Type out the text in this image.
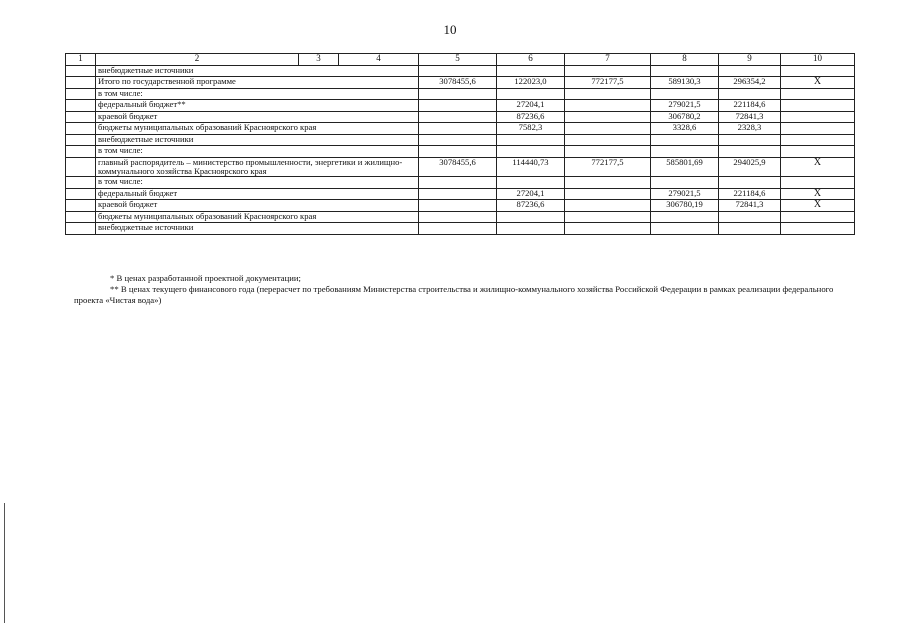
10
1	2	3	4	5	6	7	8	9	10
	внебюджетные источники								
	Итого по государственной программе			3078455,6	122023,0	772177,5	589130,3	296354,2	Х
	в том числе:								
	федеральный бюджет**				27204,1		279021,5	221184,6	
	краевой бюджет				87236,6		306780,2	72841,3	
	бюджеты муниципальных образований Красноярского края				7582,3		3328,6	2328,3	
	внебюджетные источники								
	в том числе:								
	главный распорядитель – министерство промышленности, энергетики и жилищно-коммунального хозяйства Красноярского края			3078455,6	114440,73	772177,5	585801,69	294025,9	Х
	в том числе:								
	федеральный бюджет				27204,1		279021,5	221184,6	Х
	краевой бюджет				87236,6		306780,19	72841,3	Х
	бюджеты муниципальных образований Красноярского края								
	внебюджетные источники								

* В ценах разработанной проектной документации;

** В ценах текущего финансового года (перерасчет по требованиям Министерства строительства и жилищно-коммунального хозяйства Российской Федерации в рамках реализации федерального проекта «Чистая вода»)
